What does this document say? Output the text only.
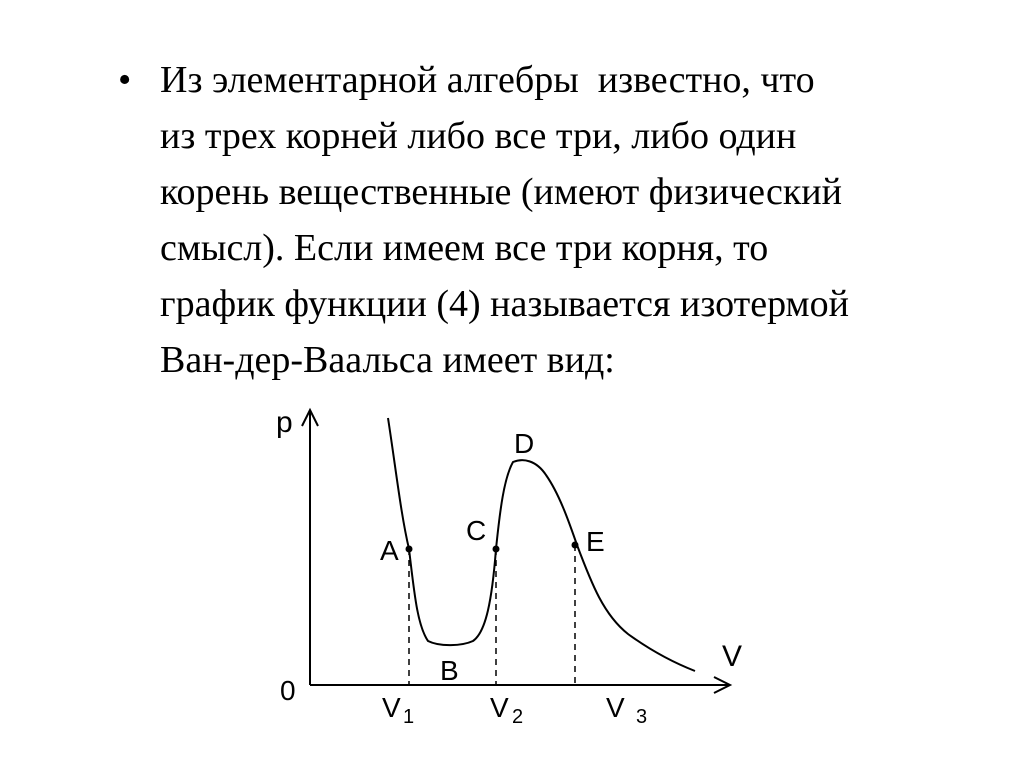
• Из элементарной алгебры  известно, что
из трех корней либо все три, либо один
корень вещественные (имеют физический
смысл). Если имеем все три корня, то
график функции (4) называется изотермой
Ван-дер-Ваальса имеет вид:
p
V
0
A
B
C
D
E
V 1	V 2	V 3
